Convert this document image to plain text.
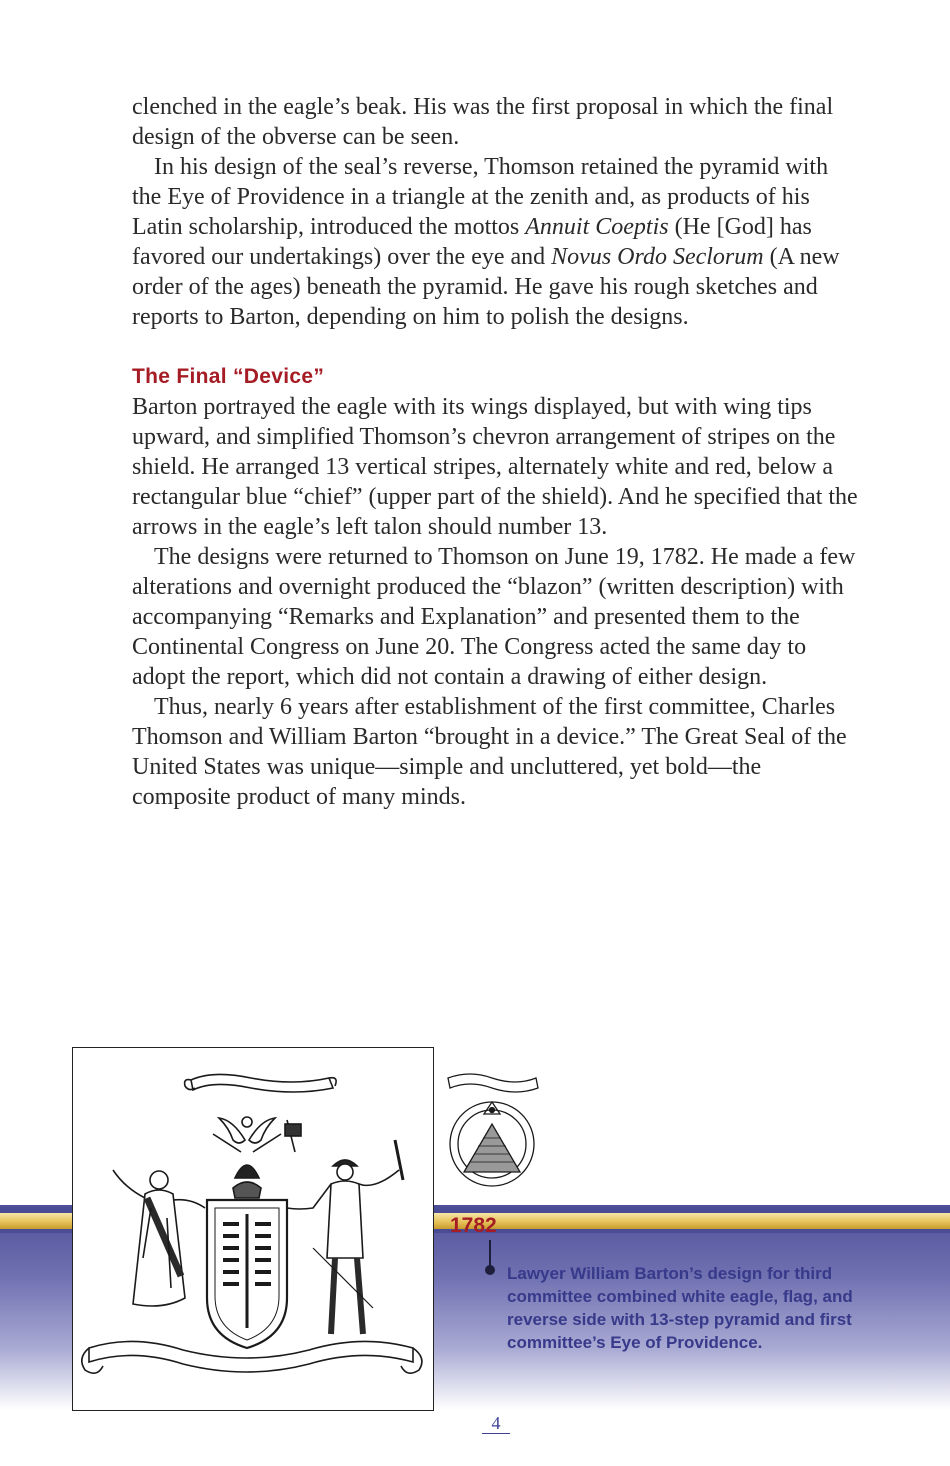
clenched in the eagle’s beak. His was the first proposal in which the final design of the obverse can be seen.

In his design of the seal’s reverse, Thomson retained the pyramid with the Eye of Providence in a triangle at the zenith and, as products of his Latin scholarship, introduced the mottos Annuit Coeptis (He [God] has favored our undertakings) over the eye and Novus Ordo Seclorum (A new order of the ages) beneath the pyramid. He gave his rough sketches and reports to Barton, depending on him to polish the designs.

The Final “Device”

Barton portrayed the eagle with its wings displayed, but with wing tips upward, and simplified Thomson’s chevron arrangement of stripes on the shield. He arranged 13 vertical stripes, alternately white and red, below a rectangular blue “chief” (upper part of the shield). And he specified that the arrows in the eagle’s left talon should number 13.

The designs were returned to Thomson on June 19, 1782. He made a few alterations and overnight produced the “blazon” (written description) with accompanying “Remarks and Explanation” and presented them to the Continental Congress on June 20. The Congress acted the same day to adopt the report, which did not contain a drawing of either design.

Thus, nearly 6 years after establishment of the first committee, Charles Thomson and William Barton “brought in a device.” The Great Seal of the United States was unique—simple and uncluttered, yet bold—the composite product of many minds.

1782
Lawyer William Barton’s design for third committee combined white eagle, flag, and reverse side with 13-step pyramid and first committee’s Eye of Providence.
4
